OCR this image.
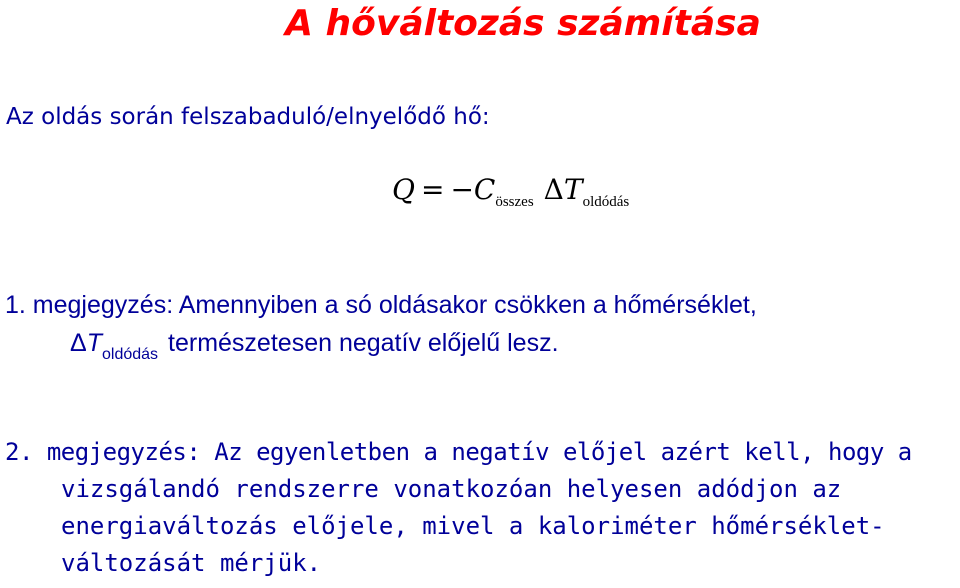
A hőváltozás számítása
Az oldás során felszabaduló/elnyelődő hő:
$Q = -C_{összes}$ $\Delta T_{oldódás}$
1. megjegyzés: Amennyiben a só oldásakor csökken a hőmérséklet,
$\Delta T_{oldódás}$ természetesen negatív előjelű lesz.
2. megjegyzés: Az egyenletben a negatív előjel azért kell, hogy a
vizsgálandó rendszerre vonatkozóan helyesen adódjon az
energiaváltozás előjele, mivel a kaloriméter hőmérséklet-
változását mérjük.
